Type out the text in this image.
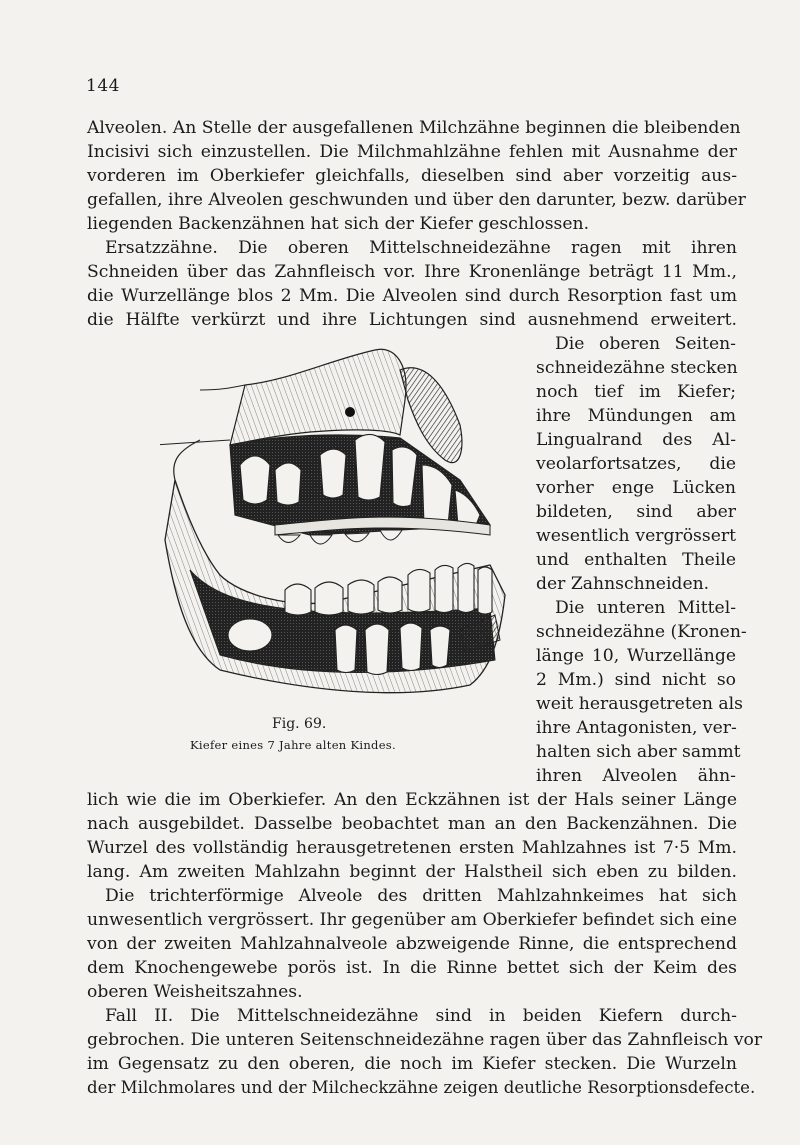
144
Alveolen. An Stelle der ausgefallenen Milchzähne beginnen die bleibenden
Incisivi sich einzustellen. Die Milchmahlzähne fehlen mit Ausnahme der
vorderen im Oberkiefer gleichfalls, dieselben sind aber vorzeitig aus-
gefallen, ihre Alveolen geschwunden und über den darunter, bezw. darüber
liegenden Backenzähnen hat sich der Kiefer geschlossen.
Ersatzzähne. Die oberen Mittelschneidezähne ragen mit ihren
Schneiden über das Zahnfleisch vor. Ihre Kronenlänge beträgt 11 Mm.,
die Wurzellänge blos 2 Mm. Die Alveolen sind durch Resorption fast um
die Hälfte verkürzt und ihre Lichtungen sind ausnehmend erweitert.
Fig. 69.
Kiefer eines 7 Jahre alten Kindes.
Die oberen Seiten-
schneidezähne stecken
noch tief im Kiefer;
ihre Mündungen am
Lingualrand des Al-
veolarfortsatzes, die
vorher enge Lücken
bildeten, sind aber
wesentlich vergrössert
und enthalten Theile
der Zahnschneiden.
Die unteren Mittel-
schneidezähne (Kronen-
länge 10, Wurzellänge
2 Mm.) sind nicht so
weit herausgetreten als
ihre Antagonisten, ver-
halten sich aber sammt
ihren Alveolen ähn-
lich wie die im Oberkiefer. An den Eckzähnen ist der Hals seiner Länge
nach ausgebildet. Dasselbe beobachtet man an den Backenzähnen. Die
Wurzel des vollständig herausgetretenen ersten Mahlzahnes ist 7·5 Mm.
lang. Am zweiten Mahlzahn beginnt der Halstheil sich eben zu bilden.
Die trichterförmige Alveole des dritten Mahlzahnkeimes hat sich
unwesentlich vergrössert. Ihr gegenüber am Oberkiefer befindet sich eine
von der zweiten Mahlzahnalveole abzweigende Rinne, die entsprechend
dem Knochengewebe porös ist. In die Rinne bettet sich der Keim des
oberen Weisheitszahnes.
Fall II. Die Mittelschneidezähne sind in beiden Kiefern durch-
gebrochen. Die unteren Seitenschneidezähne ragen über das Zahnfleisch vor
im Gegensatz zu den oberen, die noch im Kiefer stecken. Die Wurzeln
der Milchmolares und der Milcheckzähne zeigen deutliche Resorptionsdefecte.
